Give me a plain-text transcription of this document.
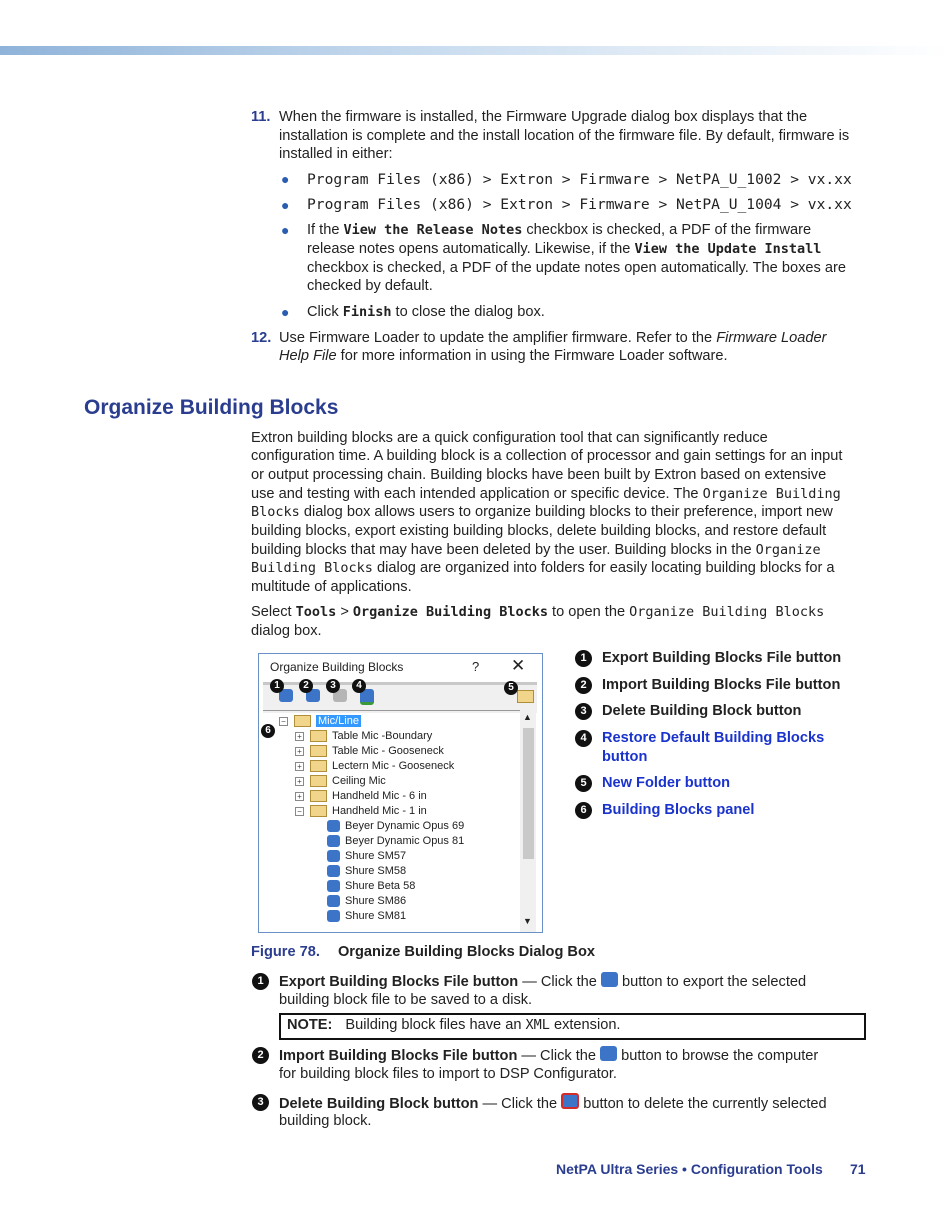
11. When the firmware is installed, the Firmware Upgrade dialog box displays that the
installation is complete and the install location of the firmware file. By default, firmware is
installed in either:
● Program Files (x86) > Extron > Firmware > NetPA_U_1002 > vx.xx
● Program Files (x86) > Extron > Firmware > NetPA_U_1004 > vx.xx
● If the View the Release Notes checkbox is checked, a PDF of the firmware
release notes opens automatically. Likewise, if the View the Update Install
checkbox is checked, a PDF of the update notes open automatically. The boxes are
checked by default.
● Click Finish to close the dialog box.
12. Use Firmware Loader to update the amplifier firmware. Refer to the Firmware Loader
Help File for more information in using the Firmware Loader software.
Organize Building Blocks
Extron building blocks are a quick configuration tool that can significantly reduce
configuration time. A building block is a collection of processor and gain settings for an input
or output processing chain. Building blocks have been built by Extron based on extensive
use and testing with each intended application or specific device. The Organize Building
Blocks dialog box allows users to organize building blocks to their preference, import new
building blocks, export existing building blocks, delete building blocks, and restore default
building blocks that may have been deleted by the user. Building blocks in the Organize
Building Blocks dialog are organized into folders for easily locating building blocks for a
multitude of applications.
Select Tools > Organize Building Blocks to open the Organize Building Blocks
dialog box.
Organize Building Blocks	? ✕
1	2	3	4	5
6
−	Mic/Line
+	Table Mic -Boundary
+	Table Mic - Gooseneck
+	Lectern Mic - Gooseneck
+	Ceiling Mic
+	Handheld Mic - 6 in
−	Handheld Mic - 1 in
Beyer Dynamic Opus 69
Beyer Dynamic Opus 81
Shure SM57
Shure SM58
Shure Beta 58
Shure SM86
Shure SM81
▲
▼
1	Export Building Blocks File button
2	Import Building Blocks File button
3	Delete Building Block button
4	Restore Default Building Blocks button
5	New Folder button
6	Building Blocks panel
Figure 78. Organize Building Blocks Dialog Box
1	Export Building Blocks File button — Click the  button to export the selected
building block file to be saved to a disk.
NOTE: Building block files have an XML extension.
2	Import Building Blocks File button — Click the  button to browse the computer
for building block files to import to DSP Configurator.
3	Delete Building Block button — Click the  button to delete the currently selected
building block.
NetPA Ultra Series • Configuration Tools 71
